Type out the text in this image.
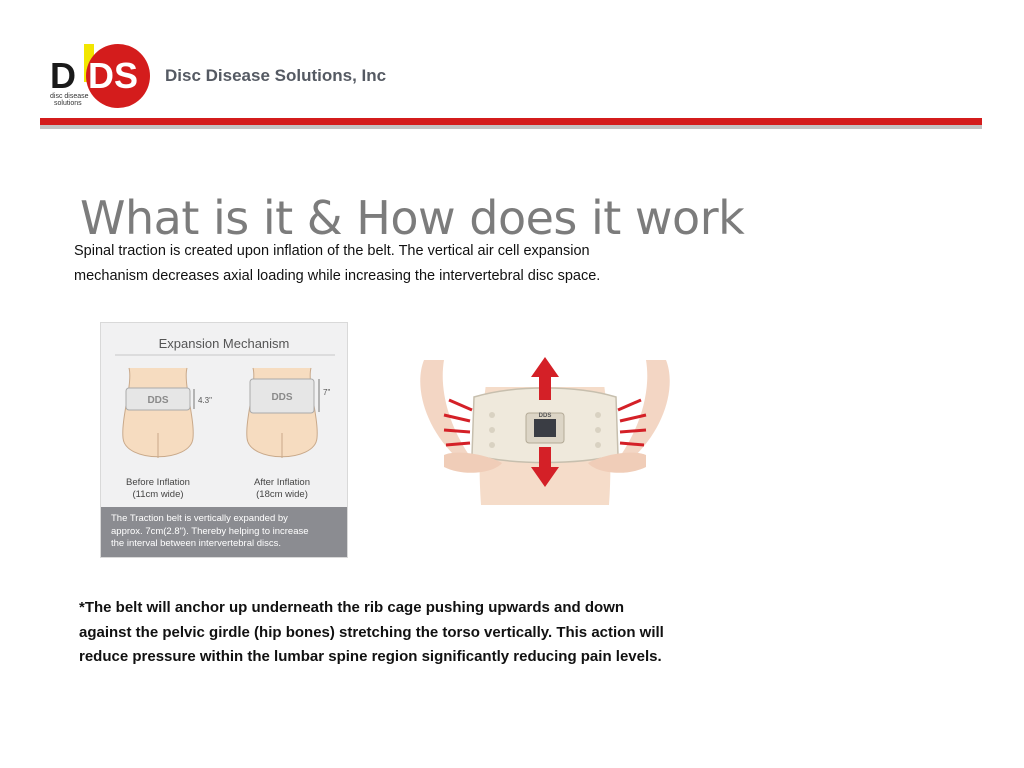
D DS
disc disease
solutions
Disc Disease Solutions, Inc
What is it & How does it work

Spinal traction is created upon inflation of the belt. The vertical air cell expansion

mechanism decreases axial loading while increasing the intervertebral disc space.

Expansion Mechanism
DDS	4.3"	DDS	7"
Before Inflation
(11cm wide)
After Inflation
(18cm wide)

The Traction belt is vertically expanded by

approx. 7cm(2.8"). Thereby helping to increase

the interval between intervertebral discs.

DDS

*The belt will anchor up underneath the rib cage pushing upwards and down

against the pelvic girdle (hip bones) stretching the torso vertically. This action will

reduce pressure within the lumbar spine region significantly reducing pain levels.
